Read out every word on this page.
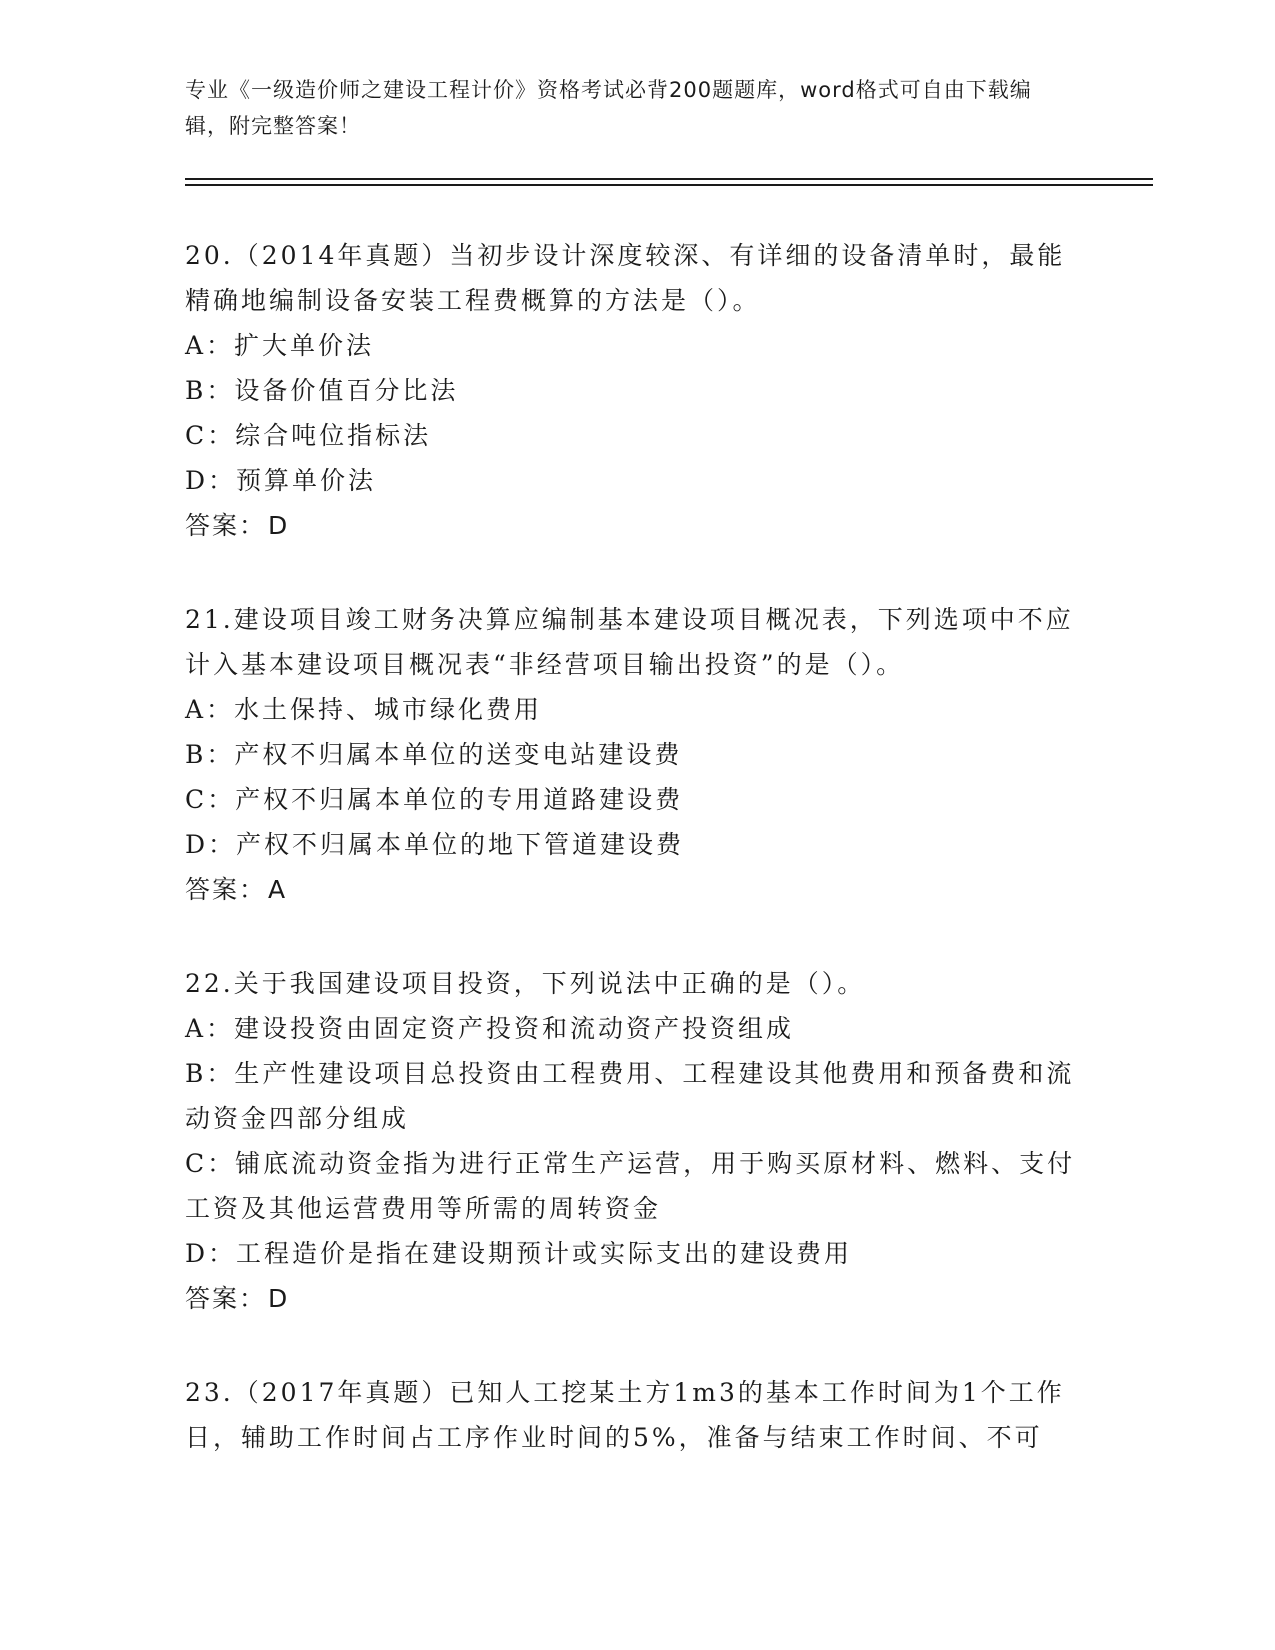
专业《一级造价师之建设工程计价》资格考试必背200题题库，word格式可自由下载编辑，附完整答案！

20.（2014年真题）当初步设计深度较深、有详细的设备清单时，最能精确地编制设备安装工程费概算的方法是（）。

A：扩大单价法

B：设备价值百分比法

C：综合吨位指标法

D：预算单价法

答案：D

21.建设项目竣工财务决算应编制基本建设项目概况表，下列选项中不应计入基本建设项目概况表“非经营项目输出投资”的是（）。

A：水土保持、城市绿化费用

B：产权不归属本单位的送变电站建设费

C：产权不归属本单位的专用道路建设费

D：产权不归属本单位的地下管道建设费

答案：A

22.关于我国建设项目投资，下列说法中正确的是（）。

A：建设投资由固定资产投资和流动资产投资组成

B：生产性建设项目总投资由工程费用、工程建设其他费用和预备费和流动资金四部分组成

C：铺底流动资金指为进行正常生产运营，用于购买原材料、燃料、支付工资及其他运营费用等所需的周转资金

D：工程造价是指在建设期预计或实际支出的建设费用

答案：D

23.（2017年真题）已知人工挖某土方1m3的基本工作时间为1个工作日，辅助工作时间占工序作业时间的5%，准备与结束工作时间、不可
